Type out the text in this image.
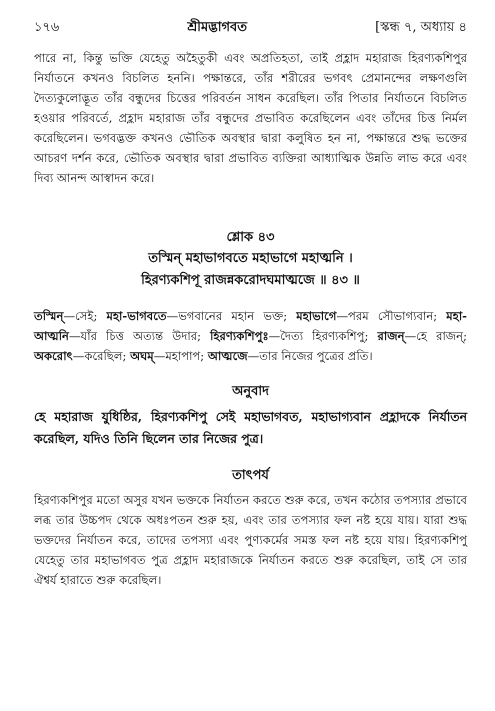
১৭৬	শ্রীমদ্ভাগবত	[স্কন্ধ ৭, অধ্যায় ৪

পারে না, কিন্তু ভক্তি যেহেতু অহৈতুকী এবং অপ্রতিহতা, তাই প্রহ্লাদ মহারাজ হিরণ্যকশিপুর নির্যাতনে কখনও বিচলিত হননি। পক্ষান্তরে, তাঁর শরীরের ভগবৎ প্রেমানন্দের লক্ষণগুলি দৈত্যকুলোদ্ভূত তাঁর বন্ধুদের চিত্তের পরিবর্তন সাধন করেছিল। তাঁর পিতার নির্যাতনে বিচলিত হওয়ার পরিবর্তে, প্রহ্লাদ মহারাজ তাঁর বন্ধুদের প্রভাবিত করেছিলেন এবং তাঁদের চিত্ত নির্মল করেছিলেন। ভগবদ্ভক্ত কখনও ভৌতিক অবস্থার দ্বারা কলুষিত হন না, পক্ষান্তরে শুদ্ধ ভক্তের আচরণ দর্শন করে, ভৌতিক অবস্থার দ্বারা প্রভাবিত ব্যক্তিরা আধ্যাত্মিক উন্নতি লাভ করে এবং দিব্য আনন্দ আস্বাদন করে।

শ্লোক ৪৩
তস্মিন্ মহাভাগবতে মহাভাগে মহাত্মনি ।
হিরণ্যকশিপূ রাজন্নকরোদঘমাত্মজে ॥ ৪৩ ॥
তস্মিন্—সেই; মহা-ভাগবতে—ভগবানের মহান ভক্ত; মহাভাগে—পরম সৌভাগ্যবান; মহা-আত্মনি—যাঁর চিত্ত অত্যন্ত উদার; হিরণ্যকশিপুঃ—দৈত্য হিরণ্যকশিপু; রাজন্—হে রাজন্; অকরোৎ—করেছিল; অঘম্—মহাপাপ; আত্মজে—তার নিজের পুত্রের প্রতি।
অনুবাদ
হে মহারাজ যুধিষ্ঠির, হিরণ্যকশিপু সেই মহাভাগবত, মহাভাগ্যবান প্রহ্লাদকে নির্যাতন করেছিল, যদিও তিনি ছিলেন তার নিজের পুত্র।
তাৎপর্য
হিরণ্যকশিপুর মতো অসুর যখন ভক্তকে নির্যাতন করতে শুরু করে, তখন কঠোর তপস্যার প্রভাবে লব্ধ তার উচ্চপদ থেকে অধঃপতন শুরু হয়, এবং তার তপস্যার ফল নষ্ট হয়ে যায়। যারা শুদ্ধ ভক্তদের নির্যাতন করে, তাদের তপস্যা এবং পুণ্যকর্মের সমস্ত ফল নষ্ট হয়ে যায়। হিরণ্যকশিপু যেহেতু তার মহাভাগবত পুত্র প্রহ্লাদ মহারাজকে নির্যাতন করতে শুরু করেছিল, তাই সে তার ঐশ্বর্য হারাতে শুরু করেছিল।
